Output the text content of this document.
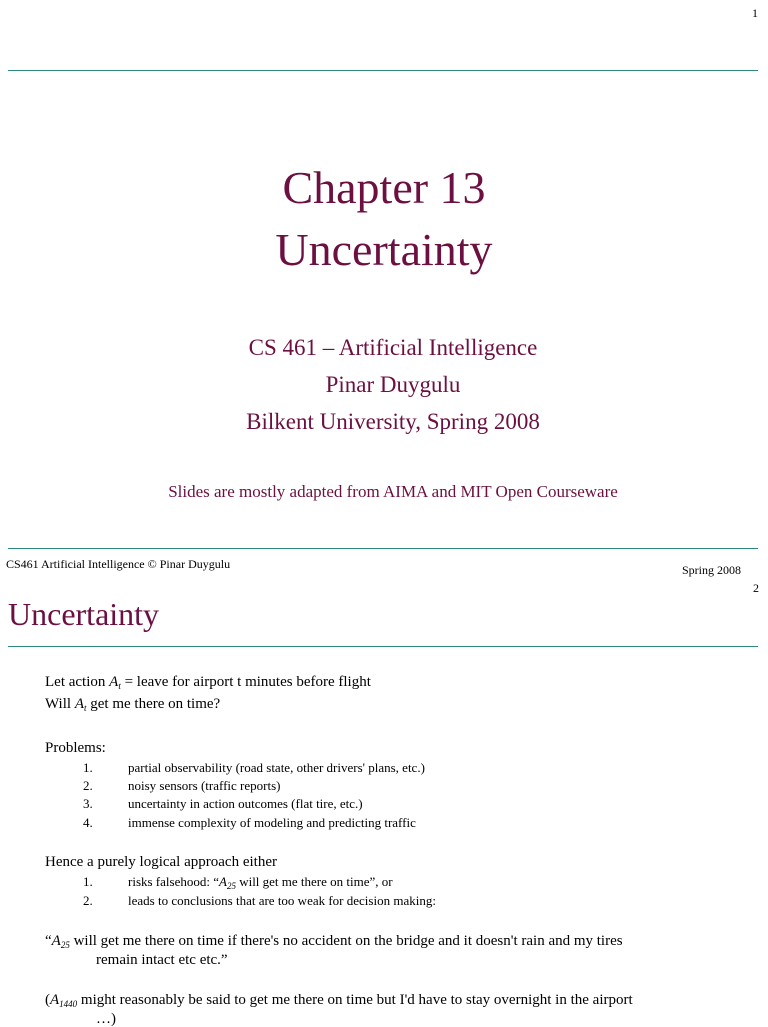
1
Chapter 13
Uncertainty
CS 461 – Artificial Intelligence
Pinar Duygulu
Bilkent University, Spring 2008
Slides are mostly adapted from AIMA and MIT Open Courseware
CS461 Artificial Intelligence © Pinar Duygulu	Spring 2008
2
Uncertainty
Let action $A_t$ = leave for airport t minutes before flight
Will $A_t$ get me there on time?
Problems:
1.	partial observability (road state, other drivers' plans, etc.)
2.	noisy sensors (traffic reports)
3.	uncertainty in action outcomes (flat tire, etc.)
4.	immense complexity of modeling and predicting traffic
Hence a purely logical approach either
1.	risks falsehood: “$A_{25}$ will get me there on time”, or
2.	leads to conclusions that are too weak for decision making:
“$A_{25}$ will get me there on time if there's no accident on the bridge and it doesn't rain and my tires
remain intact etc etc.”
($A_{1440}$ might reasonably be said to get me there on time but I'd have to stay overnight in the airport
…)
